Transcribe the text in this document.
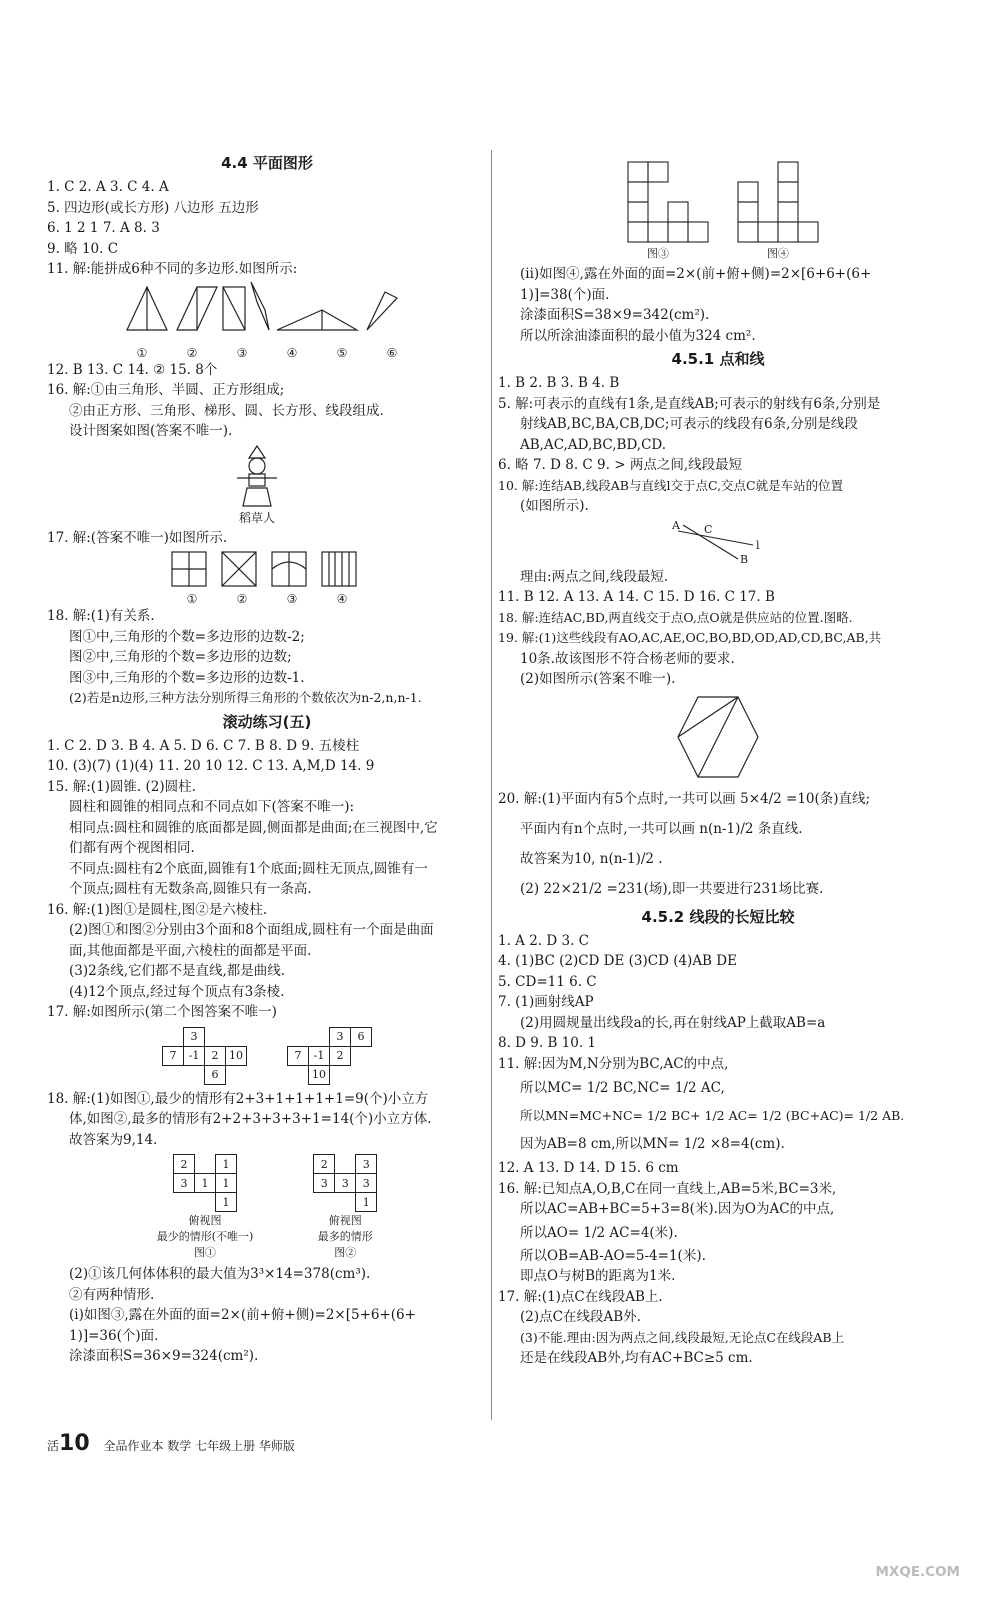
4.4 平面图形
1. C 2. A 3. C 4. A
5. 四边形(或长方形) 八边形 五边形
6. 1 2 1 7. A 8. 3
9. 略 10. C
11. 解:能拼成6种不同的多边形.如图所示:
①	②	③	④	⑤	⑥
12. B 13. C 14. ② 15. 8个
16. 解:①由三角形、半圆、正方形组成;
②由正方形、三角形、梯形、圆、长方形、线段组成.
设计图案如图(答案不唯一).
稻草人
17. 解:(答案不唯一)如图所示.
①	②	③	④
18. 解:(1)有关系.
图①中,三角形的个数=多边形的边数-2;
图②中,三角形的个数=多边形的边数;
图③中,三角形的个数=多边形的边数-1.
(2)若是n边形,三种方法分别所得三角形的个数依次为n-2,n,n-1.
滚动练习(五)
1. C 2. D 3. B 4. A 5. D 6. C 7. B 8. D 9. 五棱柱
10. (3)(7) (1)(4) 11. 20 10 12. C 13. A,M,D 14. 9
15. 解:(1)圆锥. (2)圆柱.
圆柱和圆锥的相同点和不同点如下(答案不唯一):
相同点:圆柱和圆锥的底面都是圆,侧面都是曲面;在三视图中,它
们都有两个视图相同.
不同点:圆柱有2个底面,圆锥有1个底面;圆柱无顶点,圆锥有一
个顶点;圆柱有无数条高,圆锥只有一条高.
16. 解:(1)图①是圆柱,图②是六棱柱.
(2)图①和图②分别由3个面和8个面组成,圆柱有一个面是曲面
面,其他面都是平面,六棱柱的面都是平面.
(3)2条线,它们都不是直线,都是曲线.
(4)12个顶点,经过每个顶点有3条棱.
17. 解:如图所示(第二个图答案不唯一)
	3		
7	-1	2	10
		6	
		3	6
7	-1	2	
	10		
18. 解:(1)如图①,最少的情形有2+3+1+1+1+1=9(个)小立方
体,如图②,最多的情形有2+2+3+3+3+1=14(个)小立方体.
故答案为9,14.
2		1
3	1	1
		1
俯视图
最少的情形(不唯一)
图①
2		3
3	3	3
		1
俯视图
最多的情形
图②
(2)①该几何体体积的最大值为3³×14=378(cm³).
②有两种情形.
(i)如图③,露在外面的面=2×(前+俯+侧)=2×[5+6+(6+
1)]=36(个)面.
涂漆面积S=36×9=324(cm²).
图③	图④
(ii)如图④,露在外面的面=2×(前+俯+侧)=2×[6+6+(6+
1)]=38(个)面.
涂漆面积S=38×9=342(cm²).
所以所涂油漆面积的最小值为324 cm².
4.5.1 点和线
1. B 2. B 3. B 4. B
5. 解:可表示的直线有1条,是直线AB;可表示的射线有6条,分别是
射线AB,BC,BA,CB,DC;可表示的线段有6条,分别是线段
AB,AC,AD,BC,BD,CD.
6. 略 7. D 8. C 9. > 两点之间,线段最短
10. 解:连结AB,线段AB与直线l交于点C,交点C就是车站的位置
(如图所示).
A C
l
B
理由:两点之间,线段最短.
11. B 12. A 13. A 14. C 15. D 16. C 17. B
18. 解:连结AC,BD,两直线交于点O,点O就是供应站的位置.图略.
19. 解:(1)这些线段有AO,AC,AE,OC,BO,BD,OD,AD,CD,BC,AB,共
10条.故该图形不符合杨老师的要求.
(2)如图所示(答案不唯一).
20. 解:(1)平面内有5个点时,一共可以画 5×4/2 =10(条)直线;
平面内有n个点时,一共可以画 n(n-1)/2 条直线.
故答案为10, n(n-1)/2 .
(2) 22×21/2 =231(场),即一共要进行231场比赛.
4.5.2 线段的长短比较
1. A 2. D 3. C
4. (1)BC (2)CD DE (3)CD (4)AB DE
5. CD=11 6. C
7. (1)画射线AP
(2)用圆规量出线段a的长,再在射线AP上截取AB=a
8. D 9. B 10. 1
11. 解:因为M,N分别为BC,AC的中点,
所以MC= 1/2 BC,NC= 1/2 AC,
所以MN=MC+NC= 1/2 BC+ 1/2 AC= 1/2 (BC+AC)= 1/2 AB.
因为AB=8 cm,所以MN= 1/2 ×8=4(cm).
12. A 13. D 14. D 15. 6 cm
16. 解:已知点A,O,B,C在同一直线上,AB=5米,BC=3米,
所以AC=AB+BC=5+3=8(米).因为O为AC的中点,
所以AO= 1/2 AC=4(米).
所以OB=AB-AO=5-4=1(米).
即点O与树B的距离为1米.
17. 解:(1)点C在线段AB上.
(2)点C在线段AB外.
(3)不能.理由:因为两点之间,线段最短,无论点C在线段AB上
还是在线段AB外,均有AC+BC≥5 cm.
活10 全品作业本 数学 七年级上册 华师版
MXQE.COM
